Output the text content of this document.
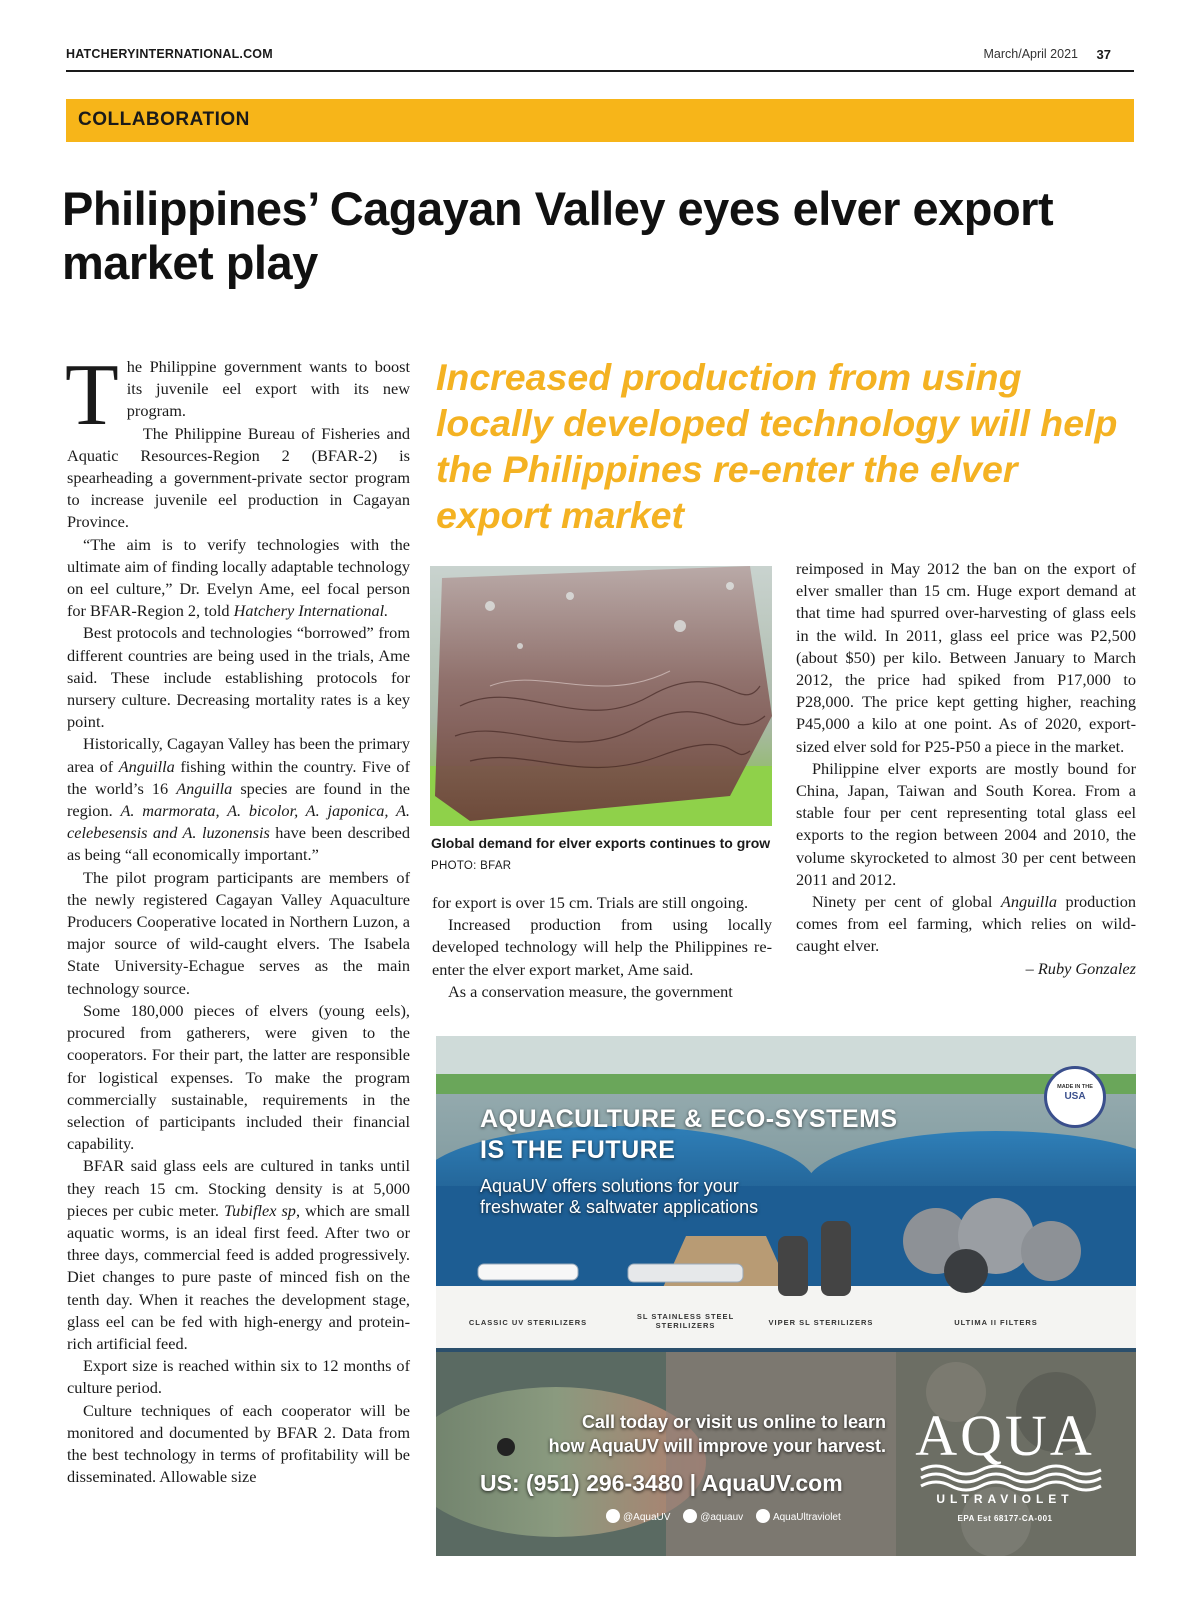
HATCHERYINTERNATIONAL.COM	March/April 2021 37
COLLABORATION
Philippines’ Cagayan Valley eyes elver export market play

The Philippine government wants to boost its juvenile eel export with its new program.

The Philippine Bureau of Fisheries and Aquatic Resources-Region 2 (BFAR-2) is spearheading a government-private sector program to increase juvenile eel production in Cagayan Province.

“The aim is to verify technologies with the ultimate aim of finding locally adaptable technology on eel culture,” Dr. Evelyn Ame, eel focal person for BFAR-Region 2, told Hatchery International.

Best protocols and technologies “borrowed” from different countries are being used in the trials, Ame said. These include establishing protocols for nursery culture. Decreasing mortality rates is a key point.

Historically, Cagayan Valley has been the primary area of Anguilla fishing within the country. Five of the world’s 16 Anguilla species are found in the region. A. marmorata, A. bicolor, A. japonica, A. celebesensis and A. luzonensis have been described as being “all economically important.”

The pilot program participants are members of the newly registered Cagayan Valley Aquaculture Producers Cooperative located in Northern Luzon, a major source of wild-caught elvers. The Isabela State University-Echague serves as the main technology source.

Some 180,000 pieces of elvers (young eels), procured from gatherers, were given to the cooperators. For their part, the latter are responsible for logistical expenses. To make the program commercially sustainable, requirements in the selection of participants included their financial capability.

BFAR said glass eels are cultured in tanks until they reach 15 cm. Stocking density is at 5,000 pieces per cubic meter. Tubiflex sp, which are small aquatic worms, is an ideal first feed. After two or three days, commercial feed is added progressively. Diet changes to pure paste of minced fish on the tenth day. When it reaches the development stage, glass eel can be fed with high-energy and protein-rich artificial feed.

Export size is reached within six to 12 months of culture period.

Culture techniques of each cooperator will be monitored and documented by BFAR 2. Data from the best technology in terms of profitability will be disseminated. Allowable size

Increased production from using locally developed technology will help the Philippines re-enter the elver export market
Global demand for elver exports continues to grow PHOTO: BFAR

for export is over 15 cm. Trials are still ongoing.

Increased production from using locally developed technology will help the Philippines re-enter the elver export market, Ame said.

As a conservation measure, the government

reimposed in May 2012 the ban on the export of elver smaller than 15 cm. Huge export demand at that time had spurred over-harvesting of glass eels in the wild. In 2011, glass eel price was P2,500 (about $50) per kilo. Between January to March 2012, the price had spiked from P17,000 to P28,000. The price kept getting higher, reaching P45,000 a kilo at one point. As of 2020, export-sized elver sold for P25-P50 a piece in the market.

Philippine elver exports are mostly bound for China, Japan, Taiwan and South Korea. From a stable four per cent representing total glass eel exports to the region between 2004 and 2010, the volume skyrocketed to almost 30 per cent between 2011 and 2012.

Ninety per cent of global Anguilla production comes from eel farming, which relies on wild-caught elver.

– Ruby Gonzalez

AQUACULTURE & ECO-SYSTEMS
IS THE FUTURE
AquaUV offers solutions for your
freshwater & saltwater applications
MADE IN THE
USA
CLASSIC UV STERILIZERS
SL STAINLESS STEEL
STERILIZERS	VIPER SL STERILIZERS	ULTIMA II FILTERS
Call today or visit us online to learn
how AquaUV will improve your harvest.
US: (951) 296-3480 | AquaUV.com
@AquaUV	@aquauv	AquaUltraviolet
AQUA
ULTRAVIOLET
EPA Est 68177-CA-001
